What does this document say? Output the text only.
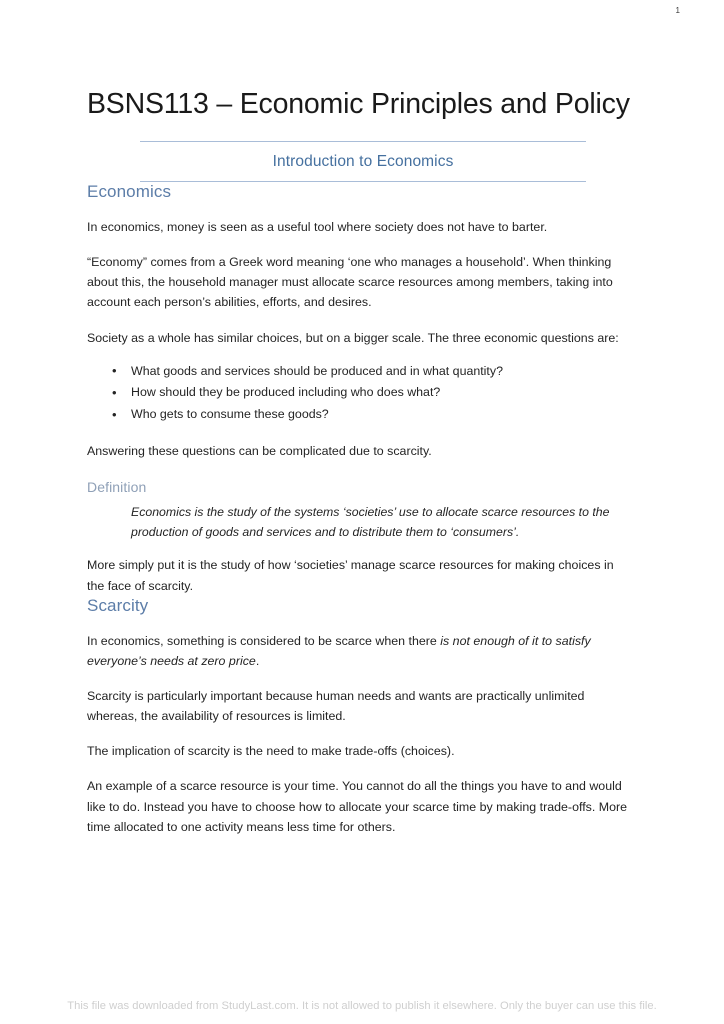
1
BSNS113 – Economic Principles and Policy
Introduction to Economics
Economics

In economics, money is seen as a useful tool where society does not have to barter.

“Economy” comes from a Greek word meaning ‘one who manages a household’. When thinking about this, the household manager must allocate scarce resources among members, taking into account each person’s abilities, efforts, and desires.

Society as a whole has similar choices, but on a bigger scale. The three economic questions are:

• What goods and services should be produced and in what quantity?
• How should they be produced including who does what?
• Who gets to consume these goods?

Answering these questions can be complicated due to scarcity.

Definition
Economics is the study of the systems ‘societies’ use to allocate scarce resources to the production of goods and services and to distribute them to ‘consumers’.

More simply put it is the study of how ‘societies’ manage scarce resources for making choices in the face of scarcity.

Scarcity

In economics, something is considered to be scarce when there is not enough of it to satisfy everyone’s needs at zero price.

Scarcity is particularly important because human needs and wants are practically unlimited whereas, the availability of resources is limited.

The implication of scarcity is the need to make trade-offs (choices).

An example of a scarce resource is your time. You cannot do all the things you have to and would like to do. Instead you have to choose how to allocate your scarce time by making trade-offs. More time allocated to one activity means less time for others.

This file was downloaded from StudyLast.com. It is not allowed to publish it elsewhere. Only the buyer can use this file.
